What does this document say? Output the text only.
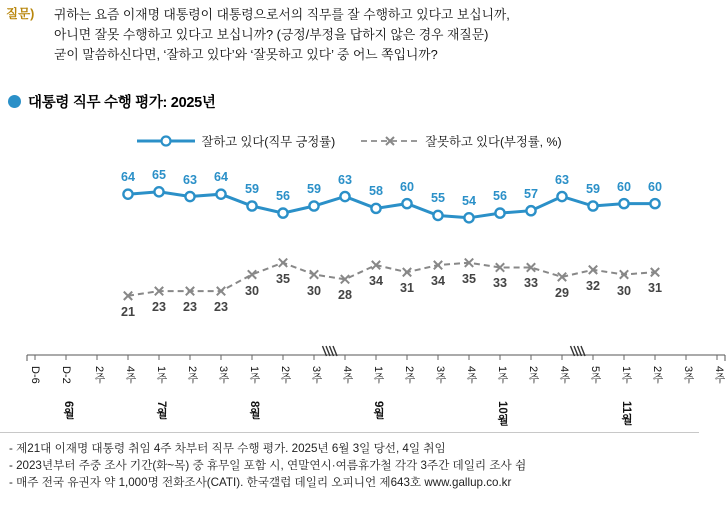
질문)	귀하는 요즘 이재명 대통령이 대통령으로서의 직무를 잘 수행하고 있다고 보십니까,
아니면 잘못 수행하고 있다고 보십니까? (긍정/부정을 답하지 않은 경우 재질문)
굳이 말씀하신다면, ‘잘하고 있다’와 ‘잘못하고 있다’ 중 어느 쪽입니까?
대통령 직무 수행 평가: 2025년
잘하고 있다(직무 긍정률)	잘못하고 있다(부정률, %)
64	65	63	64
59
56
59
63
58	60
55	54	56	57
63
59	60	60
21	23	23	23
30
35
30	28
34
31
34	35	33	33
29
32	30	31
D-6 D-2 2주 4주 1주 2주 3주 1주 2주 3주 4주 1주 2주 3주 4주 1주 2주 4주 5주 1주 2주 3주 4주
6월	7월	8월	9월	10월	11월
- 제21대 이재명 대통령 취임 4주 차부터 직무 수행 평가. 2025년 6월 3일 당선, 4일 취임
- 2023년부터 주중 조사 기간(화~목) 중 휴무일 포함 시, 연말연시·여름휴가철 각각 3주간 데일리 조사 쉼
- 매주 전국 유권자 약 1,000명 전화조사(CATI). 한국갤럽 데일리 오피니언 제643호 www.gallup.co.kr
